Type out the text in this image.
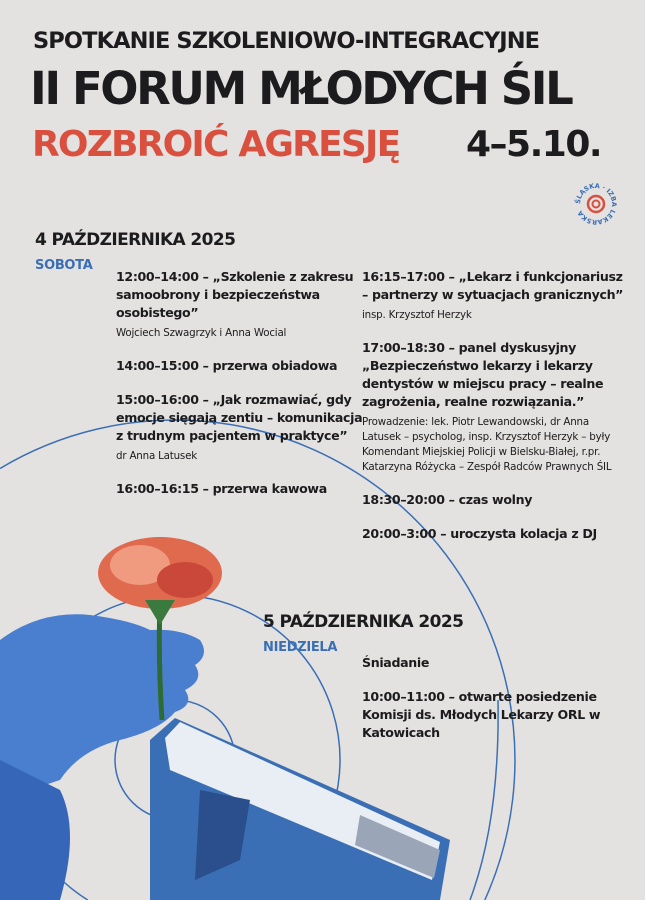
SPOTKANIE SZKOLENIOWO-INTEGRACYJNE
II FORUM MŁODYCH ŚIL
ROZBROIĆ AGRESJĘ 4–5.10.
ŚLĄSKA · IZBA LEKARSKA
4 PAŹDZIERNIKA 2025
SOBOTA
12:00–14:00 – „Szkolenie z zakresu samoobrony i bezpieczeństwa osobistego”
Wojciech Szwagrzyk i Anna Wocial
14:00–15:00 – przerwa obiadowa
15:00–16:00 – „Jak rozmawiać, gdy emocje sięgają zentiu – komunikacja z trudnym pacjentem w praktyce”
dr Anna Latusek
16:00–16:15 – przerwa kawowa
16:15–17:00 – „Lekarz i funkcjonariusz – partnerzy w sytuacjach granicznych”
insp. Krzysztof Herzyk
17:00–18:30 – panel dyskusyjny „Bezpieczeństwo lekarzy i lekarzy dentystów w miejscu pracy – realne zagrożenia, realne rozwiązania.”
Prowadzenie: lek. Piotr Lewandowski, dr Anna Latusek – psycholog, insp. Krzysztof Herzyk – były Komendant Miejskiej Policji w Bielsku-Białej, r.pr. Katarzyna Różycka – Zespół Radców Prawnych ŚIL
18:30–20:00 – czas wolny
20:00–3:00 – uroczysta kolacja z DJ
5 PAŹDZIERNIKA 2025
NIEDZIELA
Śniadanie
10:00–11:00 – otwarte posiedzenie Komisji ds. Młodych Lekarzy ORL w Katowicach
